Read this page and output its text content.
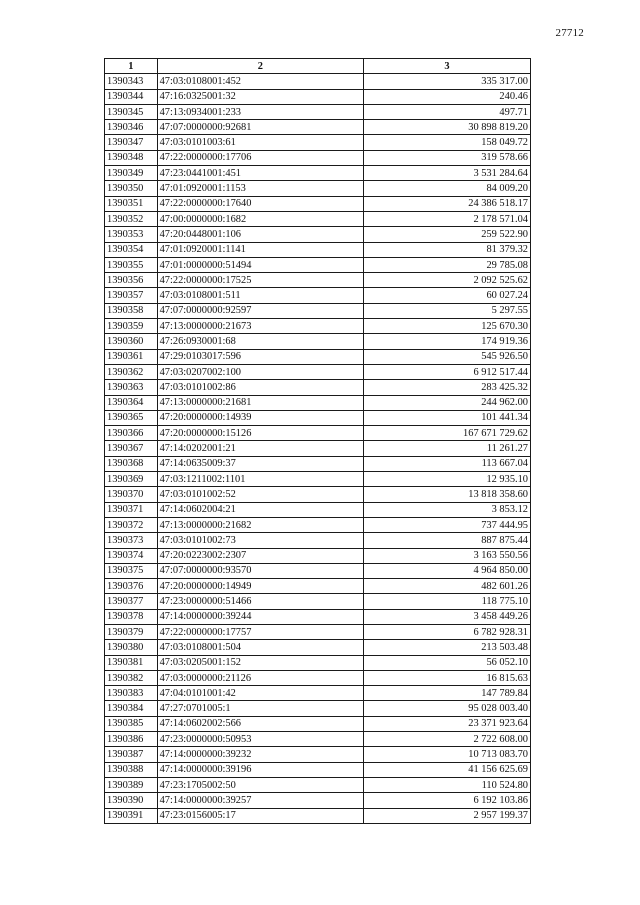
27712
1	2	3
1390343	47:03:0108001:452	335 317.00
1390344	47:16:0325001:32	240.46
1390345	47:13:0934001:233	497.71
1390346	47:07:0000000:92681	30 898 819.20
1390347	47:03:0101003:61	158 049.72
1390348	47:22:0000000:17706	319 578.66
1390349	47:23:0441001:451	3 531 284.64
1390350	47:01:0920001:1153	84 009.20
1390351	47:22:0000000:17640	24 386 518.17
1390352	47:00:0000000:1682	2 178 571.04
1390353	47:20:0448001:106	259 522.90
1390354	47:01:0920001:1141	81 379.32
1390355	47:01:0000000:51494	29 785.08
1390356	47:22:0000000:17525	2 092 525.62
1390357	47:03:0108001:511	60 027.24
1390358	47:07:0000000:92597	5 297.55
1390359	47:13:0000000:21673	125 670.30
1390360	47:26:0930001:68	174 919.36
1390361	47:29:0103017:596	545 926.50
1390362	47:03:0207002:100	6 912 517.44
1390363	47:03:0101002:86	283 425.32
1390364	47:13:0000000:21681	244 962.00
1390365	47:20:0000000:14939	101 441.34
1390366	47:20:0000000:15126	167 671 729.62
1390367	47:14:0202001:21	11 261.27
1390368	47:14:0635009:37	113 667.04
1390369	47:03:1211002:1101	12 935.10
1390370	47:03:0101002:52	13 818 358.60
1390371	47:14:0602004:21	3 853.12
1390372	47:13:0000000:21682	737 444.95
1390373	47:03:0101002:73	887 875.44
1390374	47:20:0223002:2307	3 163 550.56
1390375	47:07:0000000:93570	4 964 850.00
1390376	47:20:0000000:14949	482 601.26
1390377	47:23:0000000:51466	118 775.10
1390378	47:14:0000000:39244	3 458 449.26
1390379	47:22:0000000:17757	6 782 928.31
1390380	47:03:0108001:504	213 503.48
1390381	47:03:0205001:152	56 052.10
1390382	47:03:0000000:21126	16 815.63
1390383	47:04:0101001:42	147 789.84
1390384	47:27:0701005:1	95 028 003.40
1390385	47:14:0602002:566	23 371 923.64
1390386	47:23:0000000:50953	2 722 608.00
1390387	47:14:0000000:39232	10 713 083.70
1390388	47:14:0000000:39196	41 156 625.69
1390389	47:23:1705002:50	110 524.80
1390390	47:14:0000000:39257	6 192 103.86
1390391	47:23:0156005:17	2 957 199.37
